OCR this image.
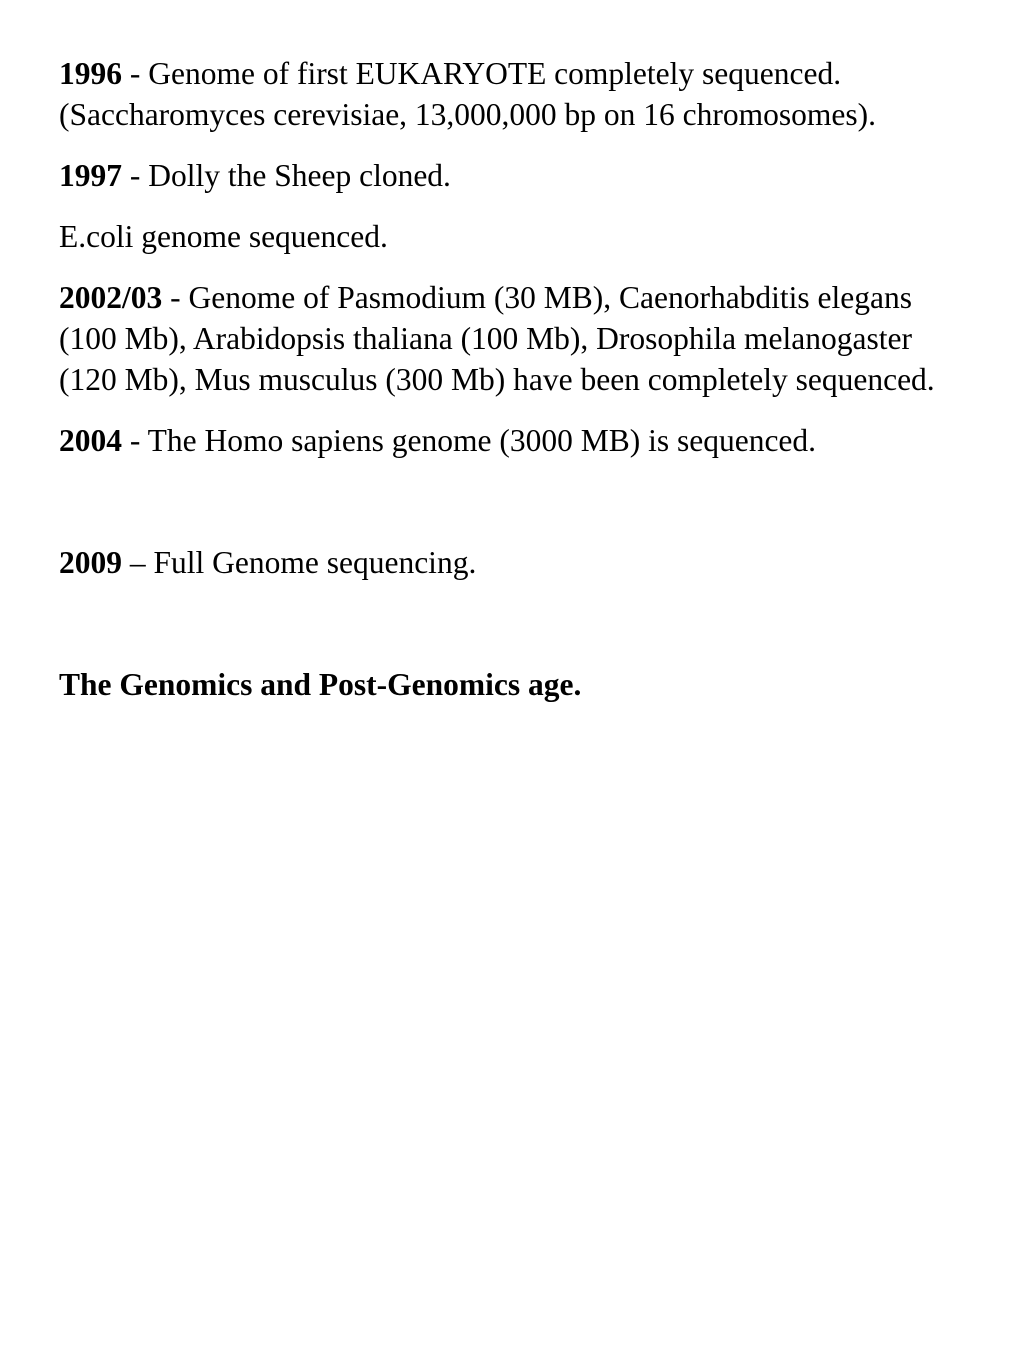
1996 - Genome of first EUKARYOTE completely sequenced. (Saccharomyces cerevisiae, 13,000,000 bp on 16 chromosomes).

1997 - Dolly the Sheep cloned.

E.coli genome sequenced.

2002/03 - Genome of Pasmodium (30 MB), Caenorhabditis elegans (100 Mb), Arabidopsis thaliana (100 Mb), Drosophila melanogaster (120 Mb), Mus musculus (300 Mb) have been completely sequenced.

2004 - The Homo sapiens genome (3000 MB) is sequenced.

2009 – Full Genome sequencing.

The Genomics and Post-Genomics age.
